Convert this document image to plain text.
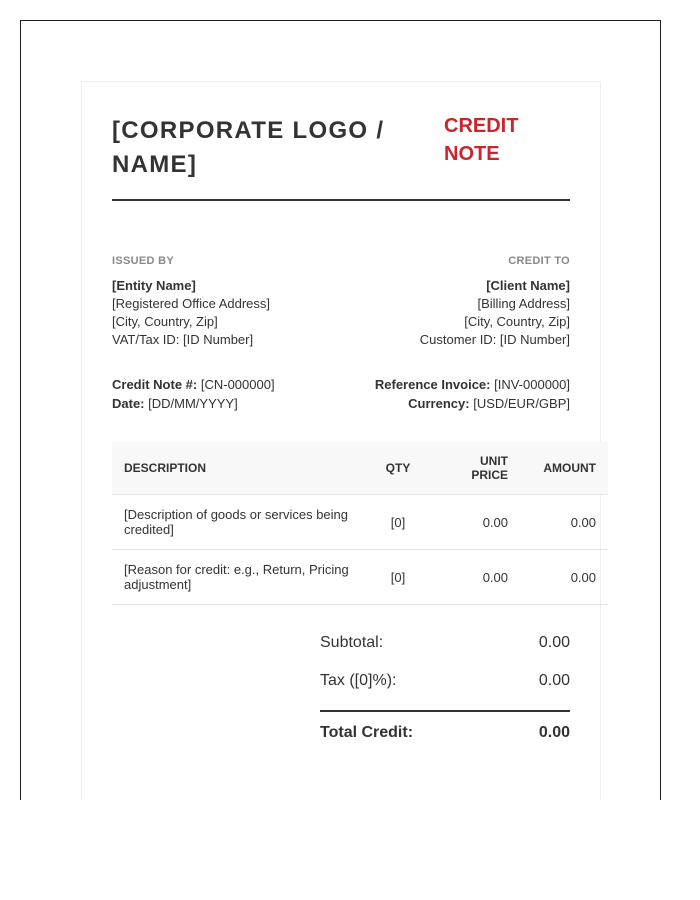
[CORPORATE LOGO / NAME]
CREDIT NOTE
ISSUED BY
[Entity Name]
[Registered Office Address]
[City, Country, Zip]
VAT/Tax ID: [ID Number]
CREDIT TO
[Client Name]
[Billing Address]
[City, Country, Zip]
Customer ID: [ID Number]
Credit Note #: [CN-000000]
Date: [DD/MM/YYYY]
Reference Invoice: [INV-000000]
Currency: [USD/EUR/GBP]
DESCRIPTION	QTY	UNIT PRICE	AMOUNT
[Description of goods or services being credited]	[0]	0.00	0.00
[Reason for credit: e.g., Return, Pricing adjustment]	[0]	0.00	0.00
Subtotal:	0.00
Tax ([0]%):	0.00
Total Credit:	0.00
